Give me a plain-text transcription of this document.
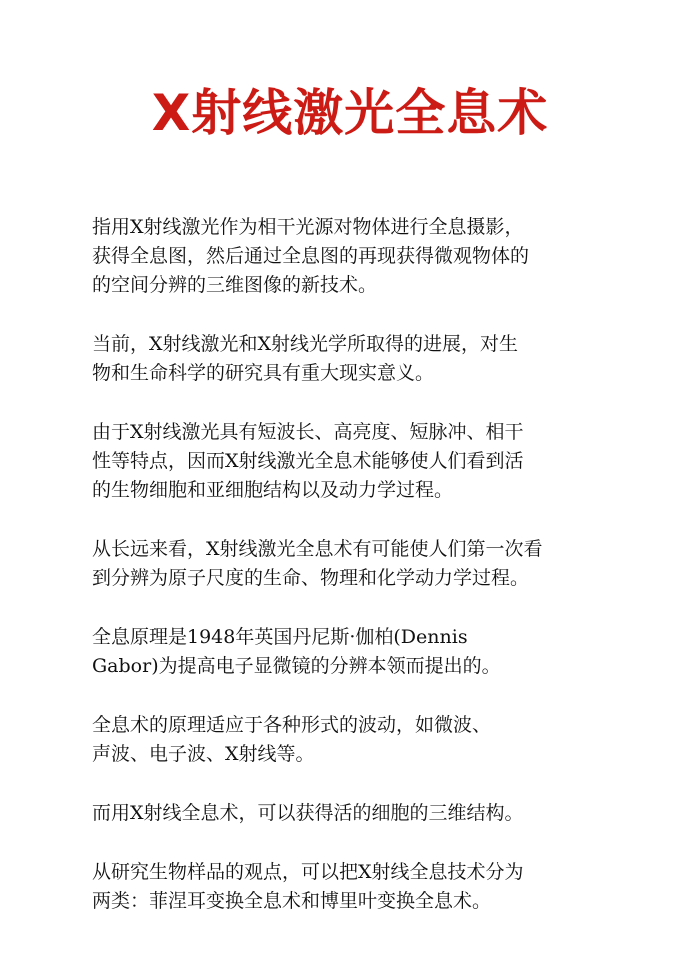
X射线激光全息术

指用X射线激光作为相干光源对物体进行全息摄影，
获得全息图，然后通过全息图的再现获得微观物体的
的空间分辨的三维图像的新技术。

当前，X射线激光和X射线光学所取得的进展，对生
物和生命科学的研究具有重大现实意义。

由于X射线激光具有短波长、高亮度、短脉冲、相干
性等特点，因而X射线激光全息术能够使人们看到活
的生物细胞和亚细胞结构以及动力学过程。

从长远来看，X射线激光全息术有可能使人们第一次看
到分辨为原子尺度的生命、物理和化学动力学过程。

全息原理是1948年英国丹尼斯·伽柏(Dennis
Gabor)为提高电子显微镜的分辨本领而提出的。

全息术的原理适应于各种形式的波动，如微波、
声波、电子波、X射线等。

而用X射线全息术，可以获得活的细胞的三维结构。

从研究生物样品的观点，可以把X射线全息技术分为
两类：菲涅耳变换全息术和博里叶变换全息术。
